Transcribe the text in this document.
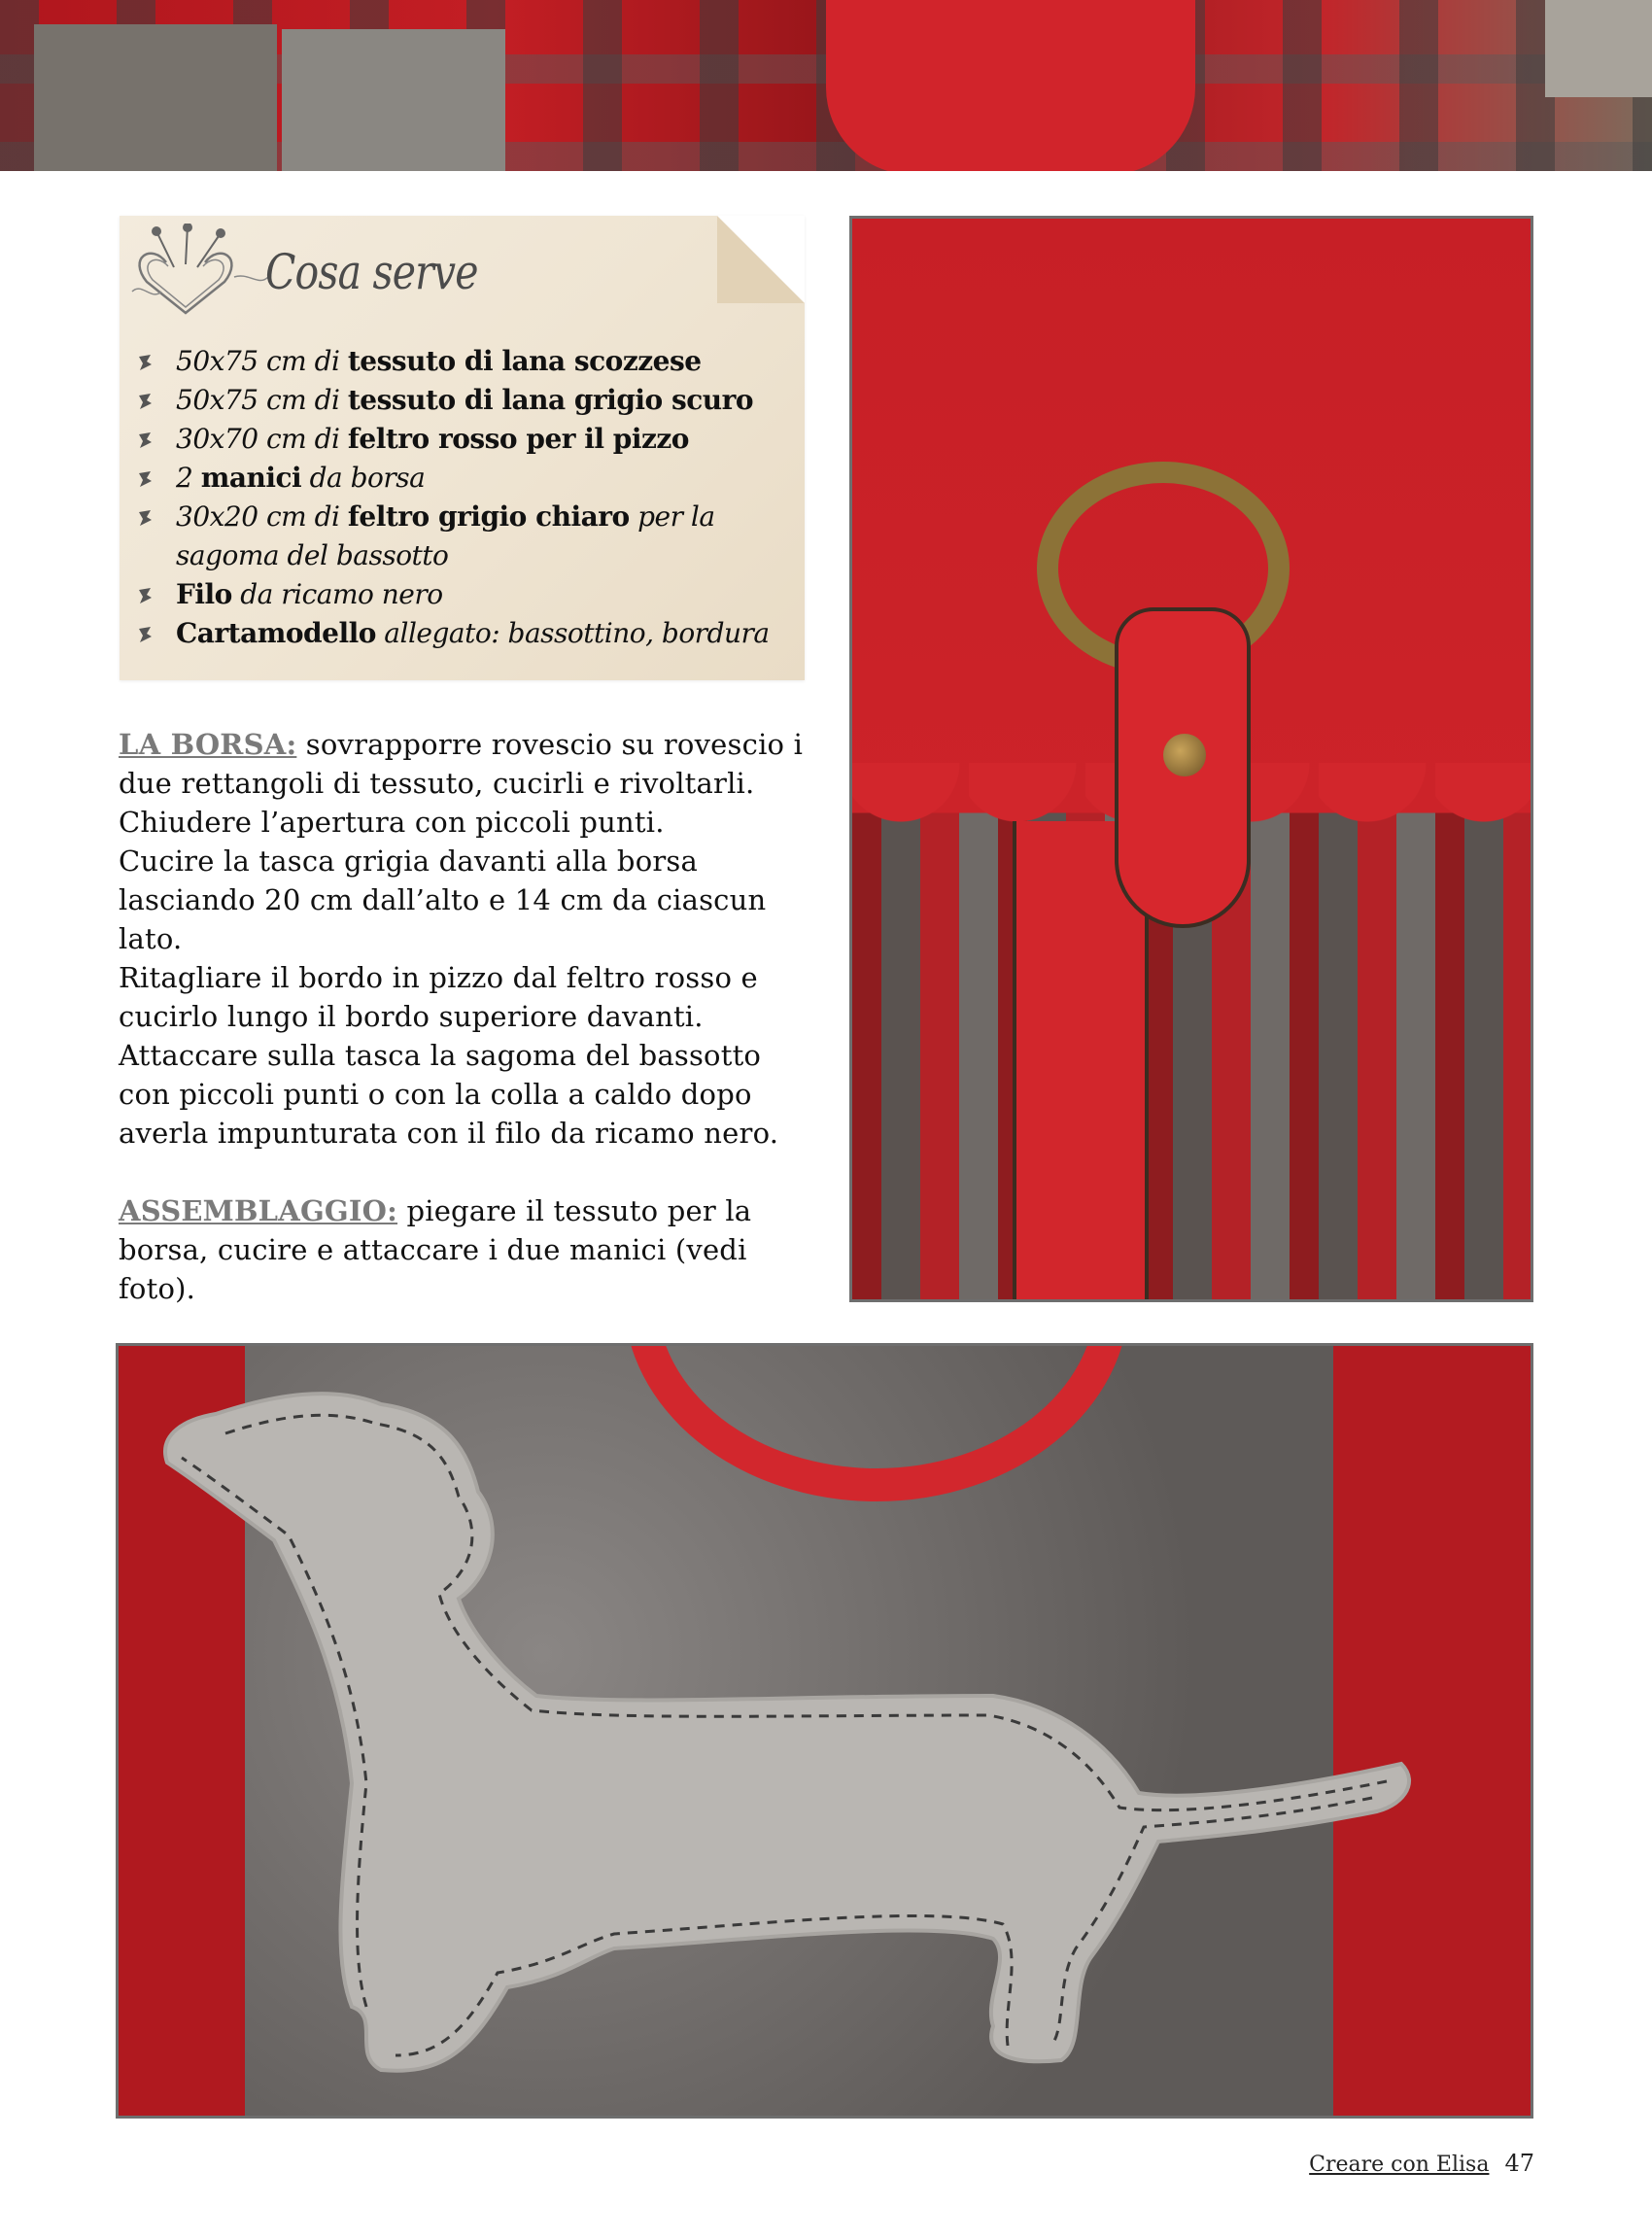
Cosa serve
50x75 cm di tessuto di lana scozzese
50x75 cm di tessuto di lana grigio scuro
30x70 cm di feltro rosso per il pizzo
2 manici da borsa
30x20 cm di feltro grigio chiaro per la sagoma del bassotto
Filo da ricamo nero
Cartamodello allegato: bassottino, bordura

LA BORSA: sovrapporre rovescio su rovescio i due rettangoli di tessuto, cucirli e rivoltarli. Chiudere l’apertura con piccoli punti.

Cucire la tasca grigia davanti alla borsa lasciando 20 cm dall’alto e 14 cm da ciascun lato.

Ritagliare il bordo in pizzo dal feltro rosso e cucirlo lungo il bordo superiore davanti. Attaccare sulla tasca la sagoma del bassotto con piccoli punti o con la colla a caldo dopo averla impunturata con il filo da ricamo nero.

ASSEMBLAGGIO: piegare il tessuto per la borsa, cucire e attaccare i due manici (vedi foto).

Creare con Elisa 47
